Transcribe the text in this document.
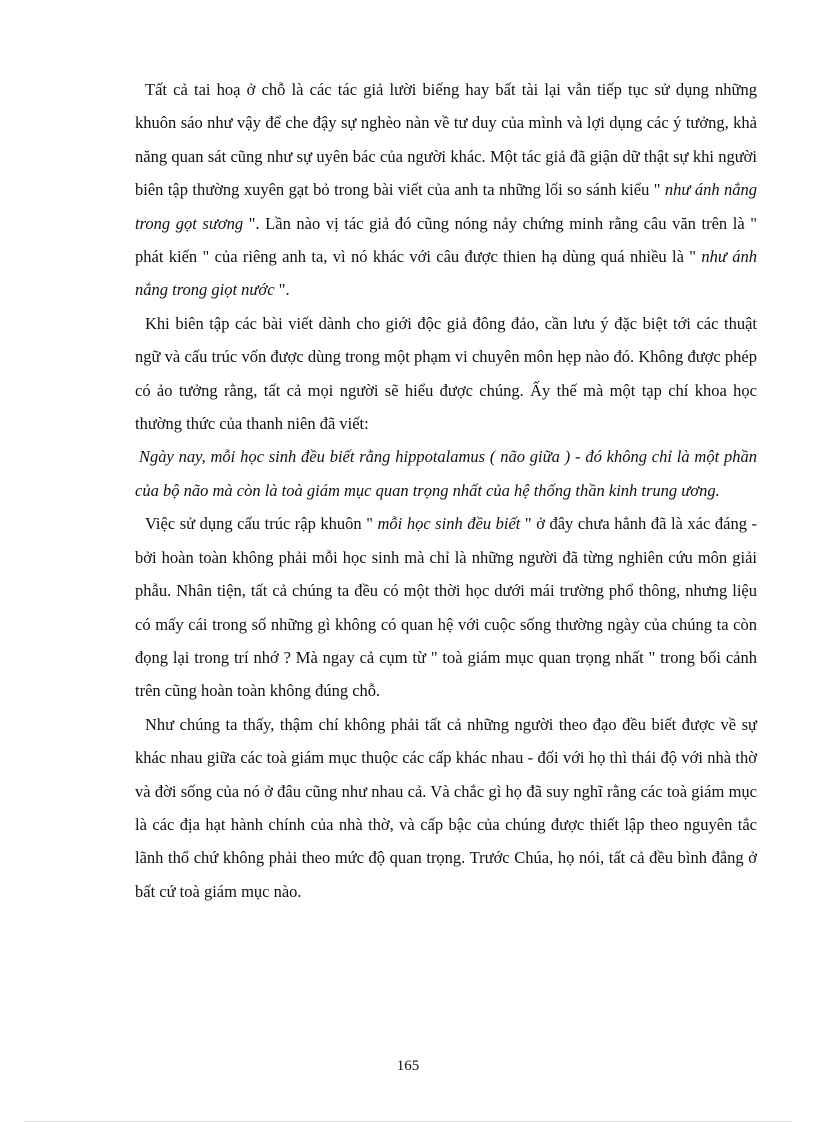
Tất cả tai hoạ ở chỗ là các tác giả lười biếng hay bất tài lại vẫn tiếp tục sử dụng những khuôn sáo như vậy để che đậy sự nghèo nàn về tư duy của mình và lợi dụng các ý tưởng, khả năng quan sát cũng như sự uyên bác của người khác. Một tác giả đã giận dữ thật sự khi người biên tập thường xuyên gạt bỏ trong bài viết của anh ta những lối so sánh kiểu " như ánh nắng trong gọt sương ". Lần nào vị tác giả đó cũng nóng nảy chứng minh rằng câu văn trên là " phát kiến " của riêng anh ta, vì nó khác với câu được thien hạ dùng quá nhiều là " như ánh nắng trong giọt nước ".

Khi biên tập các bài viết dành cho giới độc giả đông đảo, cần lưu ý đặc biệt tới các thuật ngữ và cấu trúc vốn được dùng trong một phạm vi chuyên môn hẹp nào đó. Không được phép có ảo tưởng rằng, tất cả mọi người sẽ hiểu được chúng. Ấy thế mà một tạp chí khoa học thường thức của thanh niên đã viết:

Ngày nay, mỗi học sinh đều biết rằng hippotalamus ( não giữa ) - đó không chỉ là một phần của bộ não mà còn là toà giám mục quan trọng nhất của hệ thống thần kinh trung ương.

Việc sử dụng cấu trúc rập khuôn " mỗi học sinh đều biết " ở đây chưa hẳnh đã là xác đáng - bởi hoàn toàn không phải mỗi học sinh mà chỉ là những người đã từng nghiên cứu môn giải phẫu. Nhân tiện, tất cả chúng ta đều có một thời học dưới mái trường phổ thông, nhưng liệu có mấy cái trong số những gì không có quan hệ với cuộc sống thường ngày của chúng ta còn đọng lại trong trí nhớ ? Mà ngay cả cụm từ " toà giám mục quan trọng nhất " trong bối cảnh trên cũng hoàn toàn không đúng chỗ.

Như chúng ta thấy, thậm chí không phải tất cả những người theo đạo đều biết được về sự khác nhau giữa các toà giám mục thuộc các cấp khác nhau - đối với họ thì thái độ với nhà thờ và đời sống của nó ở đâu cũng như nhau cả. Và chắc gì họ đã suy nghĩ rằng các toà giám mục là các địa hạt hành chính của nhà thờ, và cấp bậc của chúng được thiết lập theo nguyên tắc lãnh thổ chứ không phải theo mức độ quan trọng. Trước Chúa, họ nói, tất cả đều bình đẳng ở bất cứ toà giám mục nào.

165
